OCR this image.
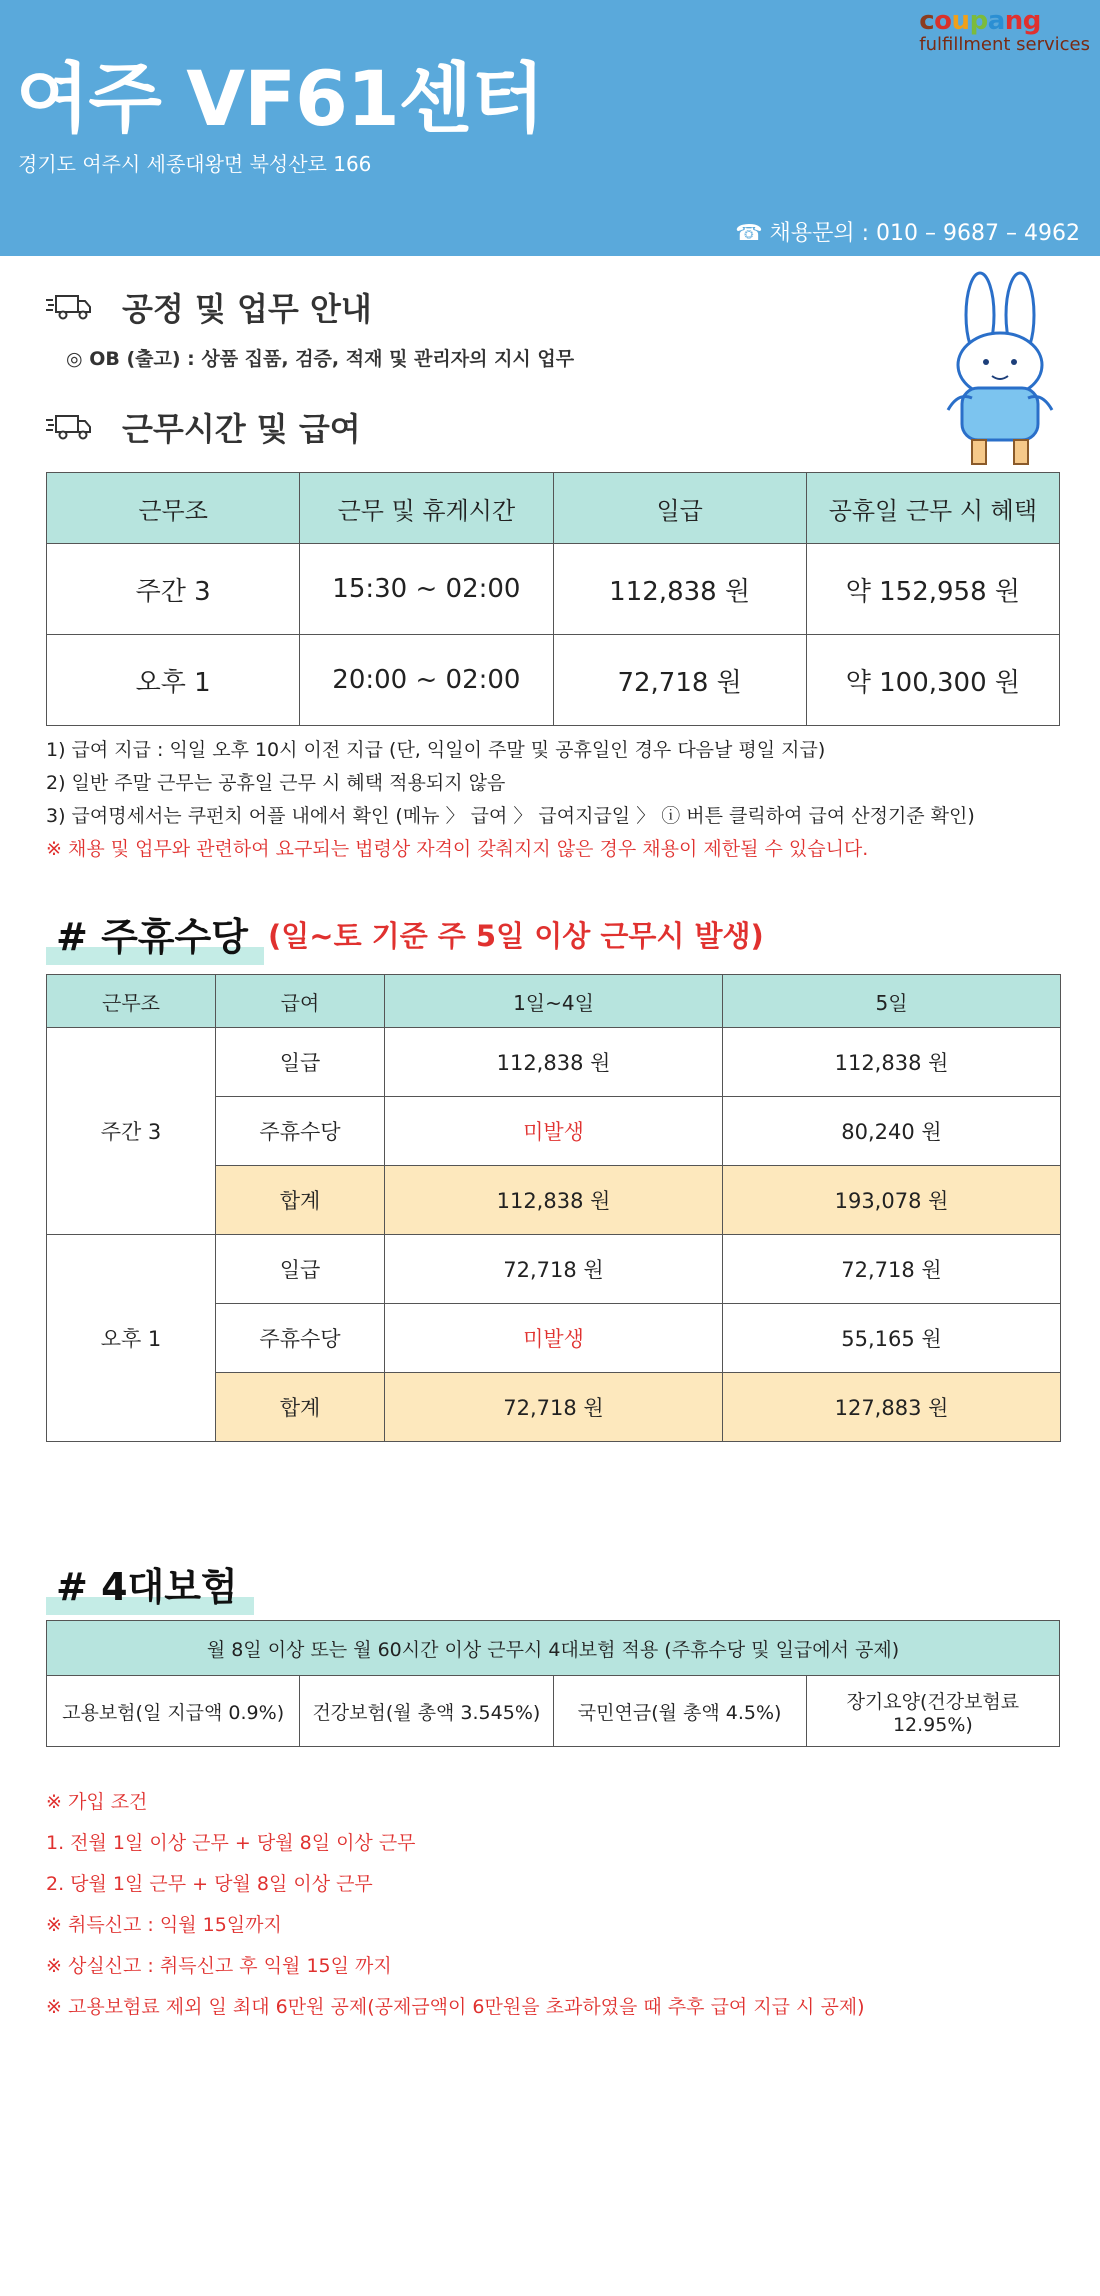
여주 VF61센터
경기도 여주시 세종대왕면 북성산로 166
☎ 채용문의 : 010 – 9687 – 4962
coupang
fulfillment services
공정 및 업무 안내
◎ OB (출고) : 상품 집품, 검증, 적재 및 관리자의 지시 업무
근무시간 및 급여
근무조	근무 및 휴게시간	일급	공휴일 근무 시 혜택
주간 3	15:30 ~ 02:00	112,838 원	약 152,958 원
오후 1	20:00 ~ 02:00	72,718 원	약 100,300 원
1) 급여 지급 : 익일 오후 10시 이전 지급 (단, 익일이 주말 및 공휴일인 경우 다음날 평일 지급)
2) 일반 주말 근무는 공휴일 근무 시 혜택 적용되지 않음
3) 급여명세서는 쿠펀치 어플 내에서 확인 (메뉴 〉 급여 〉 급여지급일 〉 ⓘ 버튼 클릭하여 급여 산정기준 확인)
※ 채용 및 업무와 관련하여 요구되는 법령상 자격이 갖춰지지 않은 경우 채용이 제한될 수 있습니다.
# 주휴수당 (일~토 기준 주 5일 이상 근무시 발생)
근무조	급여	1일~4일	5일
주간 3	일급	112,838 원	112,838 원
	주휴수당	미발생	80,240 원
	합계	112,838 원	193,078 원
오후 1	일급	72,718 원	72,718 원
	주휴수당	미발생	55,165 원
	합계	72,718 원	127,883 원
# 4대보험
월 8일 이상 또는 월 60시간 이상 근무시 4대보험 적용 (주휴수당 및 일급에서 공제)
고용보험(일 지급액 0.9%)	건강보험(월 총액 3.545%)	국민연금(월 총액 4.5%)	장기요양(건강보험료 12.95%)
※ 가입 조건
1. 전월 1일 이상 근무 + 당월 8일 이상 근무
2. 당월 1일 근무 + 당월 8일 이상 근무
※ 취득신고 : 익월 15일까지
※ 상실신고 : 취득신고 후 익월 15일 까지
※ 고용보험료 제외 일 최대 6만원 공제(공제금액이 6만원을 초과하였을 때 추후 급여 지급 시 공제)
